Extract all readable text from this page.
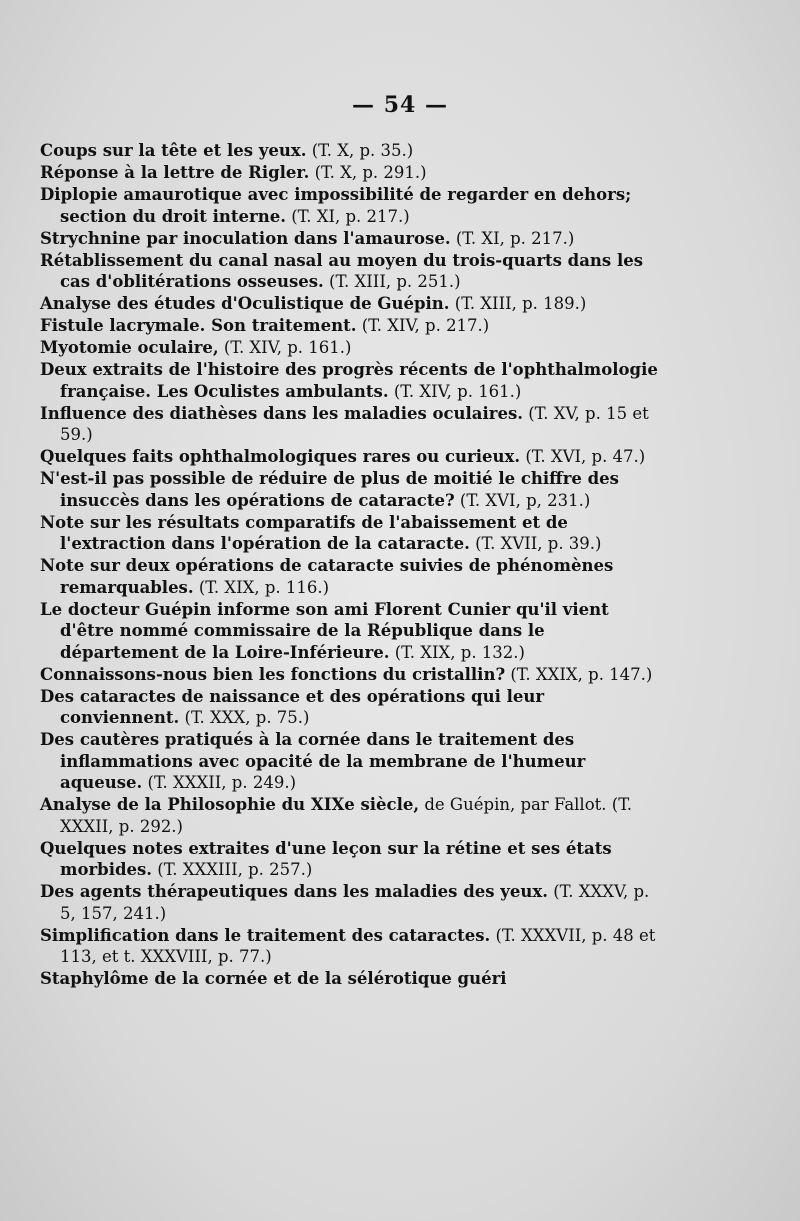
— 54 —

Coups sur la tête et les yeux. (T. X, p. 35.)

Réponse à la lettre de Rigler. (T. X, p. 291.)

Diplopie amaurotique avec impossibilité de regarder en dehors; section du droit interne. (T. XI, p. 217.)

Strychnine par inoculation dans l'amaurose. (T. XI, p. 217.)

Rétablissement du canal nasal au moyen du trois-quarts dans les cas d'oblitérations osseuses. (T. XIII, p. 251.)

Analyse des études d'Oculistique de Guépin. (T. XIII, p. 189.)

Fistule lacrymale. Son traitement. (T. XIV, p. 217.)

Myotomie oculaire, (T. XIV, p. 161.)

Deux extraits de l'histoire des progrès récents de l'ophthalmologie française. Les Oculistes ambulants. (T. XIV, p. 161.)

Influence des diathèses dans les maladies oculaires. (T. XV, p. 15 et 59.)

Quelques faits ophthalmologiques rares ou curieux. (T. XVI, p. 47.)

N'est-il pas possible de réduire de plus de moitié le chiffre des insuccès dans les opérations de cataracte? (T. XVI, p, 231.)

Note sur les résultats comparatifs de l'abaissement et de l'extraction dans l'opération de la cataracte. (T. XVII, p. 39.)

Note sur deux opérations de cataracte suivies de phénomènes remarquables. (T. XIX, p. 116.)

Le docteur Guépin informe son ami Florent Cunier qu'il vient d'être nommé commissaire de la République dans le département de la Loire-Inférieure. (T. XIX, p. 132.)

Connaissons-nous bien les fonctions du cristallin? (T. XXIX, p. 147.)

Des cataractes de naissance et des opérations qui leur conviennent. (T. XXX, p. 75.)

Des cautères pratiqués à la cornée dans le traitement des inflammations avec opacité de la membrane de l'humeur aqueuse. (T. XXXII, p. 249.)

Analyse de la Philosophie du XIXe siècle, de Guépin, par Fallot. (T. XXXII, p. 292.)

Quelques notes extraites d'une leçon sur la rétine et ses états morbides. (T. XXXIII, p. 257.)

Des agents thérapeutiques dans les maladies des yeux. (T. XXXV, p. 5, 157, 241.)

Simplification dans le traitement des cataractes. (T. XXXVII, p. 48 et 113, et t. XXXVIII, p. 77.)

Staphylôme de la cornée et de la sélérotique guéri
